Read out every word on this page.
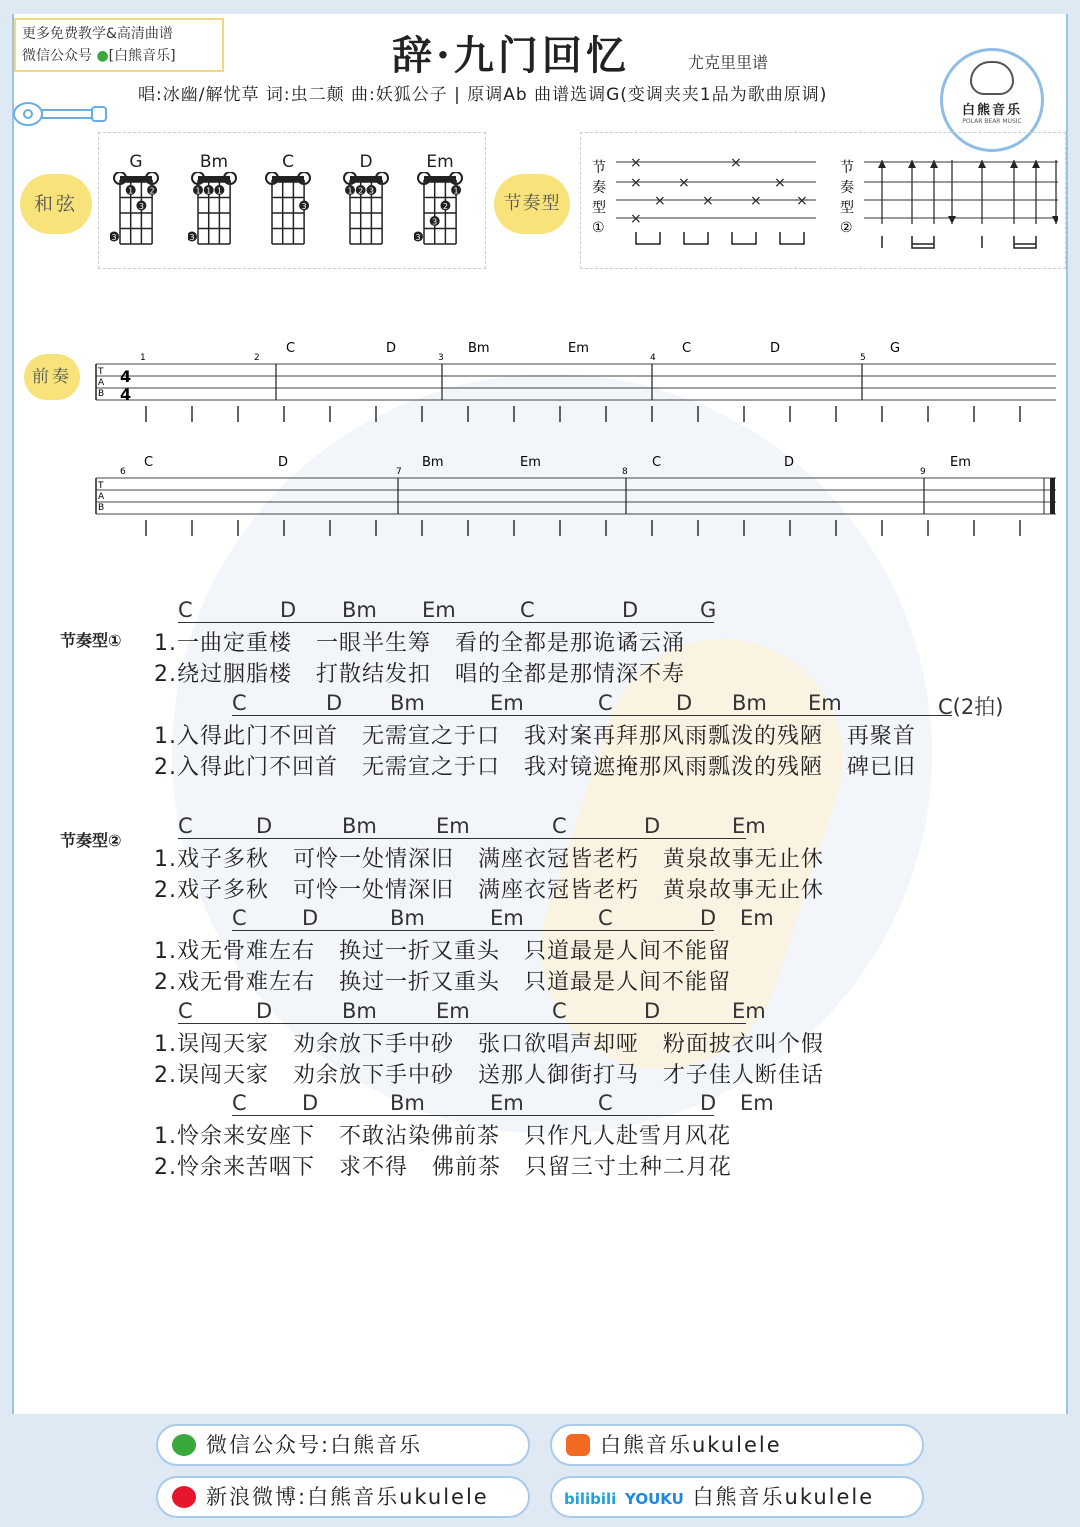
更多免费教学&高清曲谱
微信公众号 ●[白熊音乐]	辞·九门回忆	尤克里里谱
唱:冰幽/解忧草 词:虫二颠 曲:妖狐公子 | 原调Ab 曲谱选调G(变调夹夹1品为歌曲原调)
白熊音乐
POLAR BEAR MUSIC
和弦
G
1 2
3
3
Bm
1 1 1
3
C
3
D
1 2 3
Em
1
2
3
3
节奏型
节
奏
型
①
×	×
×	×	×
×	×	× ×
×
节
奏
型
②
前奏	T
A
B
C	D	Bm	Em	C	D	G
1	2	3	4	5
4
4
T
A
B
C	D	Bm	Em	C	D	Em
6	7	8	9
节奏型①
节奏型②
C	D Bm Em	C	D	G
1.一曲定重楼   一眼半生筹   看的全都是那诡谲云涌
2.绕过胭脂楼   打散结发扣   唱的全都是那情深不寿
C	D Bm	Em	C	D Bm Em	C(2拍)
1.入得此门不回首   无需宣之于口   我对案再拜那风雨瓢泼的残陋   再聚首
2.入得此门不回首   无需宣之于口   我对镜遮掩那风雨瓢泼的残陋   碑已旧
C	D	Bm	Em	C	D	Em
1.戏子多秋   可怜一处情深旧   满座衣冠皆老朽   黄泉故事无止休
2.戏子多秋   可怜一处情深旧   满座衣冠皆老朽   黄泉故事无止休
C	D	Bm	Em	C	D Em
1.戏无骨难左右   换过一折又重头   只道最是人间不能留
2.戏无骨难左右   换过一折又重头   只道最是人间不能留
C	D	Bm	Em	C	D	Em
1.误闯天家   劝余放下手中砂   张口欲唱声却哑   粉面披衣叫个假
2.误闯天家   劝余放下手中砂   送那人御街打马   才子佳人断佳话
C	D	Bm	Em	C	D Em
1.怜余来安座下   不敢沾染佛前茶   只作凡人赴雪月风花
2.怜余来苦咽下   求不得   佛前茶   只留三寸土种二月花
微信公众号:白熊音乐	白熊音乐ukulele
新浪微博:白熊音乐ukulele	bilibili YOUKU 白熊音乐ukulele
